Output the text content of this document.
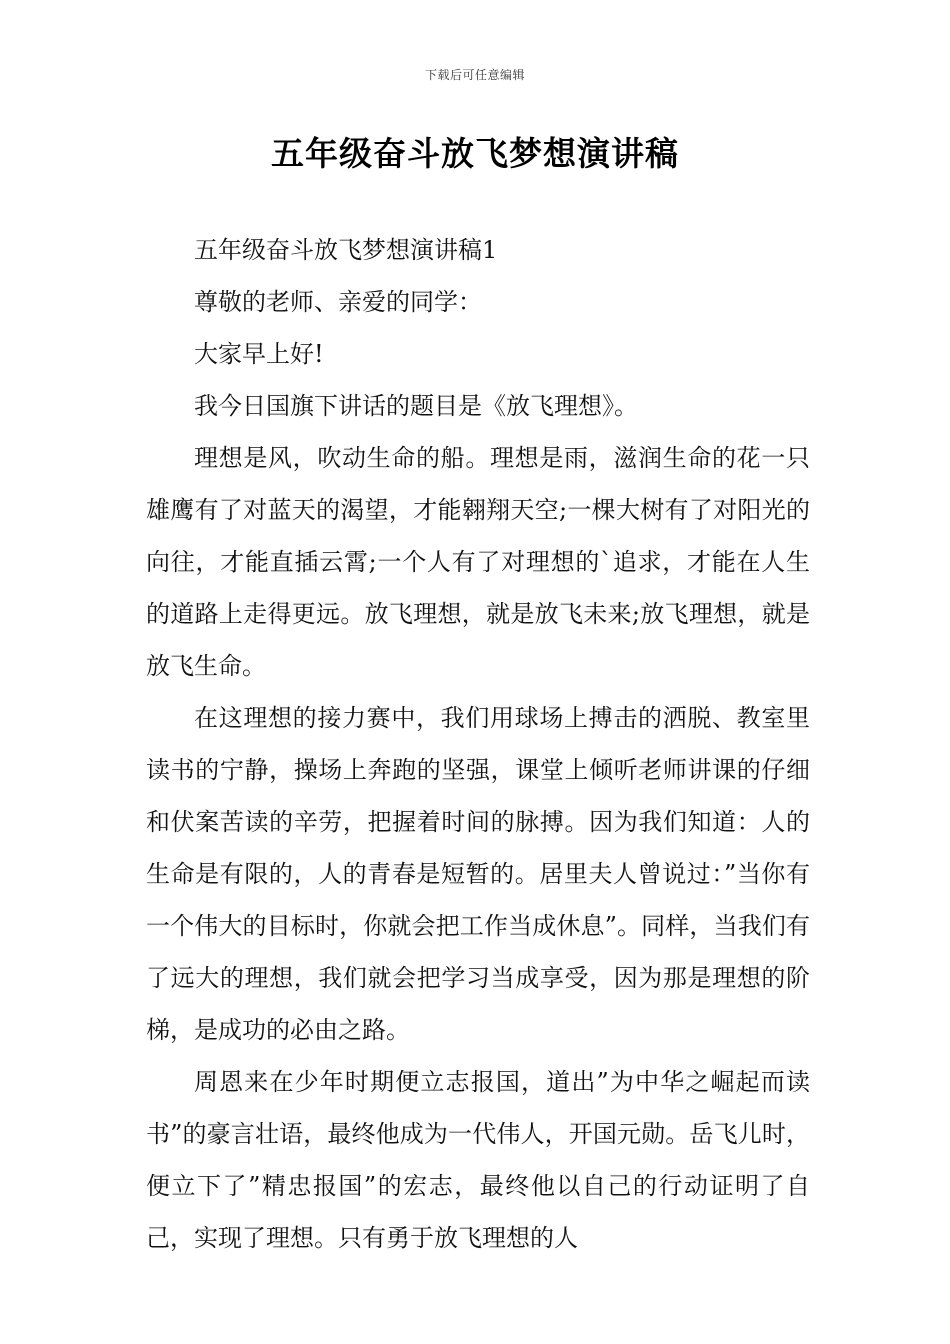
下载后可任意编辑
五年级奋斗放飞梦想演讲稿

五年级奋斗放飞梦想演讲稿1

尊敬的老师、亲爱的同学：

大家早上好!

我今日国旗下讲话的题目是《放飞理想》。

理想是风，吹动生命的船。理想是雨，滋润生命的花一只雄鹰有了对蓝天的渴望，才能翱翔天空;一棵大树有了对阳光的向往，才能直插云霄;一个人有了对理想的`追求，才能在人生的道路上走得更远。放飞理想，就是放飞未来;放飞理想，就是放飞生命。

在这理想的接力赛中，我们用球场上搏击的洒脱、教室里读书的宁静，操场上奔跑的坚强，课堂上倾听老师讲课的仔细和伏案苦读的辛劳，把握着时间的脉搏。因为我们知道：人的生命是有限的，人的青春是短暂的。居里夫人曾说过：”当你有一个伟大的目标时，你就会把工作当成休息”。同样，当我们有了远大的理想，我们就会把学习当成享受，因为那是理想的阶梯，是成功的必由之路。

周恩来在少年时期便立志报国，道出”为中华之崛起而读书”的豪言壮语，最终他成为一代伟人，开国元勋。岳飞儿时，便立下了”精忠报国”的宏志，最终他以自己的行动证明了自己，实现了理想。只有勇于放飞理想的人
